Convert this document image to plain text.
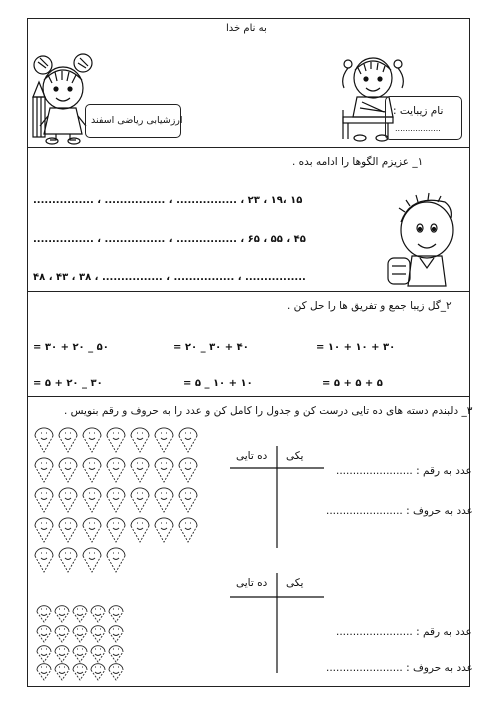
به نام خدا
ارزشیابی ریاضی اسفند
نام زیبایت :
..................
۱_ عزیزم الگوها را ادامه بده .
۱۵ ،۱۹ ، ۲۳ ، ................ ، ................ ، ................
۴۵ ، ۵۵ ، ۶۵ ، ................ ، ................ ، ................
................ ، ................ ، ................ ، ۳۸ ، ۴۳ ، ۴۸
۲_گل زیبا جمع و تفریق ها را حل کن .
۵۰ _ ۲۰ + ۳۰ =	۴۰ + ۳۰ _ ۲۰ =	۳۰ + ۱۰ + ۱۰ =
۳۰ _ ۲۰ + ۵ =	۱۰ + ۱۰ _ ۵ =	۵ + ۵ + ۵ =
۳_ دلبندم دسته های ده تایی درست کن و جدول را کامل کن و عدد را به حروف و رقم بنویس .
یکی
ده تایی
یکی
ده تایی
عدد به رقم : .......................
عدد به حروف : .......................
عدد به رقم : .......................
عدد به حروف : .......................
